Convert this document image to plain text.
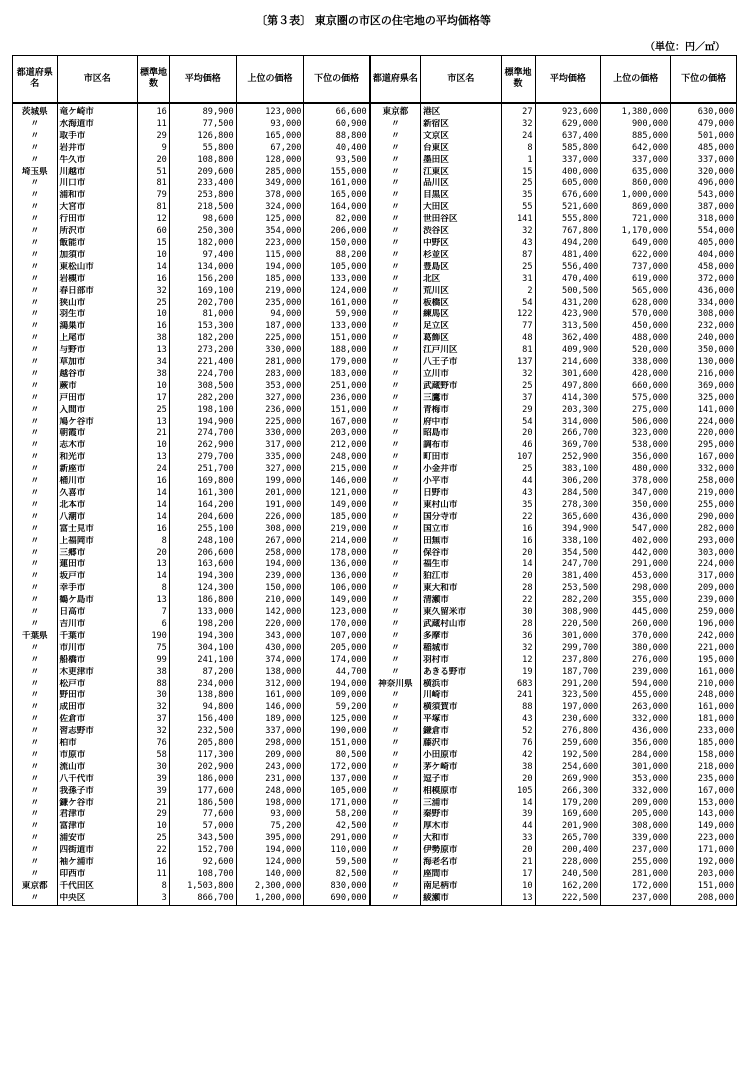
〔第３表〕 東京圏の市区の住宅地の平均価格等
（単位：円／㎡）
都道府県名	市区名	標準地数	平均価格	上位の価格	下位の価格	都道府県名	市区名	標準地数	平均価格	上位の価格	下位の価格
茨城県	竜ケ崎市	16	89,900	123,000	66,600	東京都	港区	27	923,600	1,380,000	630,000
〃	水海道市	11	77,500	93,000	60,900	〃	新宿区	32	629,000	900,000	479,000
〃	取手市	29	126,800	165,000	88,800	〃	文京区	24	637,400	885,000	501,000
〃	岩井市	9	55,800	67,200	40,400	〃	台東区	8	585,800	642,000	485,000
〃	牛久市	20	108,800	128,000	93,500	〃	墨田区	1	337,000	337,000	337,000
埼玉県	川越市	51	209,600	285,000	155,000	〃	江東区	15	400,000	635,000	320,000
〃	川口市	81	233,400	349,000	161,000	〃	品川区	25	605,000	860,000	496,000
〃	浦和市	79	253,800	378,000	165,000	〃	目黒区	35	676,600	1,000,000	543,000
〃	大宮市	81	218,500	324,000	164,000	〃	大田区	55	521,600	869,000	387,000
〃	行田市	12	98,600	125,000	82,000	〃	世田谷区	141	555,800	721,000	318,000
〃	所沢市	60	250,300	354,000	206,000	〃	渋谷区	32	767,800	1,170,000	554,000
〃	飯能市	15	182,000	223,000	150,000	〃	中野区	43	494,200	649,000	405,000
〃	加須市	10	97,400	115,000	88,200	〃	杉並区	87	481,400	622,000	404,000
〃	東松山市	14	134,000	194,000	105,000	〃	豊島区	25	556,400	737,000	458,000
〃	岩槻市	16	156,200	185,000	133,000	〃	北区	31	470,400	619,000	372,000
〃	春日部市	32	169,100	219,000	124,000	〃	荒川区	2	500,500	565,000	436,000
〃	狭山市	25	202,700	235,000	161,000	〃	板橋区	54	431,200	628,000	334,000
〃	羽生市	10	81,000	94,000	59,900	〃	練馬区	122	423,900	570,000	308,000
〃	鴻巣市	16	153,300	187,000	133,000	〃	足立区	77	313,500	450,000	232,000
〃	上尾市	38	182,200	225,000	151,000	〃	葛飾区	48	362,400	488,000	240,000
〃	与野市	13	273,200	330,000	188,000	〃	江戸川区	81	409,900	520,000	350,000
〃	草加市	34	221,400	281,000	179,000	〃	八王子市	137	214,600	338,000	130,000
〃	越谷市	38	224,700	283,000	183,000	〃	立川市	32	301,600	428,000	216,000
〃	蕨市	10	308,500	353,000	251,000	〃	武蔵野市	25	497,800	660,000	369,000
〃	戸田市	17	282,200	327,000	236,000	〃	三鷹市	37	414,300	575,000	325,000
〃	入間市	25	198,100	236,000	151,000	〃	青梅市	29	203,300	275,000	141,000
〃	鳩ケ谷市	13	194,900	225,000	167,000	〃	府中市	54	314,000	506,000	224,000
〃	朝霞市	21	274,700	330,000	203,000	〃	昭島市	20	266,700	323,000	220,000
〃	志木市	10	262,900	317,000	212,000	〃	調布市	46	369,700	538,000	295,000
〃	和光市	13	279,700	335,000	248,000	〃	町田市	107	252,900	356,000	167,000
〃	新座市	24	251,700	327,000	215,000	〃	小金井市	25	383,100	480,000	332,000
〃	桶川市	16	169,800	199,000	146,000	〃	小平市	44	306,200	378,000	258,000
〃	久喜市	14	161,300	201,000	121,000	〃	日野市	43	284,500	347,000	219,000
〃	北本市	14	164,200	191,000	149,000	〃	東村山市	35	278,300	350,000	255,000
〃	八潮市	14	204,600	226,000	185,000	〃	国分寺市	22	365,600	436,000	290,000
〃	富士見市	16	255,100	308,000	219,000	〃	国立市	16	394,900	547,000	282,000
〃	上福岡市	8	248,100	267,000	214,000	〃	田無市	16	338,100	402,000	293,000
〃	三郷市	20	206,600	258,000	178,000	〃	保谷市	20	354,500	442,000	303,000
〃	蓮田市	13	163,600	194,000	136,000	〃	福生市	14	247,700	291,000	224,000
〃	坂戸市	14	194,300	239,000	136,000	〃	狛江市	20	381,400	453,000	317,000
〃	幸手市	8	124,300	150,000	106,000	〃	東大和市	28	253,500	298,000	209,000
〃	鶴ケ島市	13	186,800	210,000	149,000	〃	清瀬市	22	282,200	355,000	239,000
〃	日高市	7	133,000	142,000	123,000	〃	東久留米市	30	308,900	445,000	259,000
〃	吉川市	6	198,200	220,000	170,000	〃	武蔵村山市	28	220,500	260,000	196,000
千葉県	千葉市	190	194,300	343,000	107,000	〃	多摩市	36	301,000	370,000	242,000
〃	市川市	75	304,100	430,000	205,000	〃	稲城市	32	299,700	380,000	221,000
〃	船橋市	99	241,100	374,000	174,000	〃	羽村市	12	237,800	276,000	195,000
〃	木更津市	38	87,200	138,000	44,700	〃	あきる野市	19	187,700	239,000	161,000
〃	松戸市	88	234,000	312,000	194,000	神奈川県	横浜市	683	291,200	594,000	210,000
〃	野田市	30	138,800	161,000	109,000	〃	川崎市	241	323,500	455,000	248,000
〃	成田市	32	94,800	146,000	59,200	〃	横須賀市	88	197,000	263,000	161,000
〃	佐倉市	37	156,400	189,000	125,000	〃	平塚市	43	230,600	332,000	181,000
〃	習志野市	32	232,500	337,000	190,000	〃	鎌倉市	52	276,800	436,000	233,000
〃	柏市	76	205,800	298,000	151,000	〃	藤沢市	76	259,600	356,000	185,000
〃	市原市	58	117,300	209,000	80,500	〃	小田原市	42	192,500	284,000	158,000
〃	流山市	30	202,900	243,000	172,000	〃	茅ケ崎市	38	254,600	301,000	218,000
〃	八千代市	39	186,000	231,000	137,000	〃	逗子市	20	269,900	353,000	235,000
〃	我孫子市	39	177,600	248,000	105,000	〃	相模原市	105	266,300	332,000	167,000
〃	鎌ケ谷市	21	186,500	198,000	171,000	〃	三浦市	14	179,200	209,000	153,000
〃	君津市	29	77,600	93,000	58,200	〃	秦野市	39	169,600	205,000	143,000
〃	富津市	10	57,000	75,200	42,500	〃	厚木市	44	201,900	308,000	149,000
〃	浦安市	25	343,500	395,000	291,000	〃	大和市	33	265,700	339,000	223,000
〃	四街道市	22	152,700	194,000	110,000	〃	伊勢原市	20	200,400	237,000	171,000
〃	袖ケ浦市	16	92,600	124,000	59,500	〃	海老名市	21	228,000	255,000	192,000
〃	印西市	11	108,700	140,000	82,500	〃	座間市	17	240,500	281,000	203,000
東京都	千代田区	8	1,503,800	2,300,000	830,000	〃	南足柄市	10	162,200	172,000	151,000
〃	中央区	3	866,700	1,200,000	690,000	〃	綾瀬市	13	222,500	237,000	208,000
